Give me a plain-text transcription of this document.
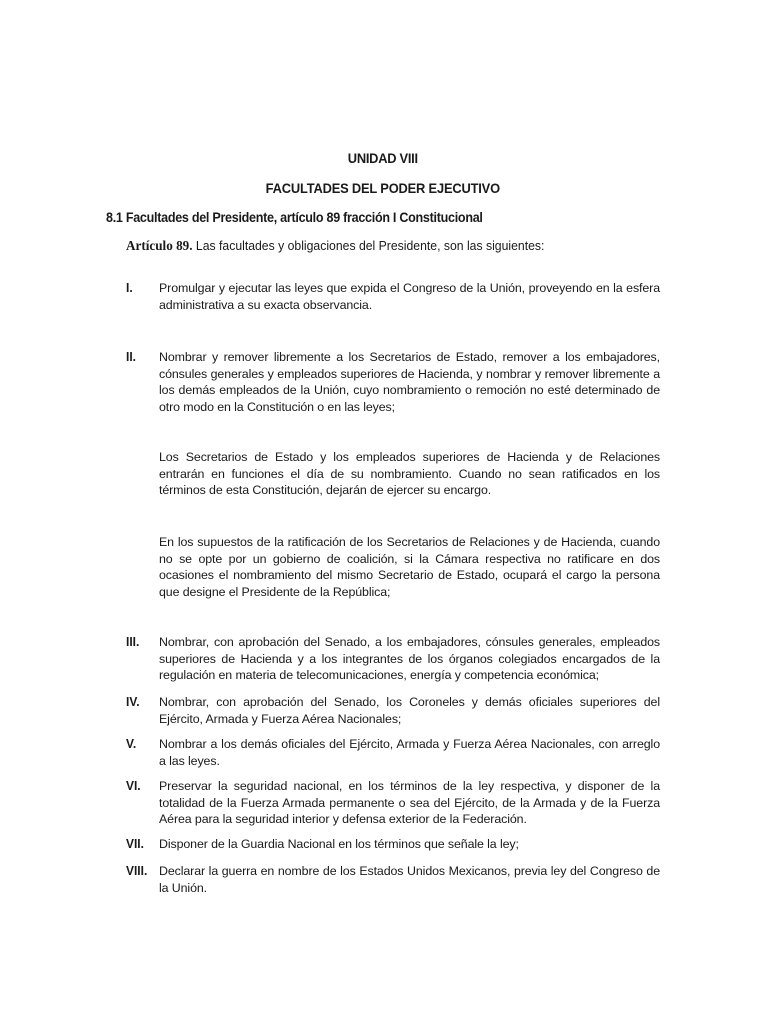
UNIDAD VIII
FACULTADES DEL PODER EJECUTIVO
8.1 Facultades del Presidente, artículo 89 fracción I Constitucional
Artículo 89. Las facultades y obligaciones del Presidente, son las siguientes:
I. Promulgar y ejecutar las leyes que expida el Congreso de la Unión, proveyendo en la esfera administrativa a su exacta observancia.
II. Nombrar y remover libremente a los Secretarios de Estado, remover a los embajadores, cónsules generales y empleados superiores de Hacienda, y nombrar y remover libremente a los demás empleados de la Unión, cuyo nombramiento o remoción no esté determinado de otro modo en la Constitución o en las leyes;
Los Secretarios de Estado y los empleados superiores de Hacienda y de Relaciones entrarán en funciones el día de su nombramiento. Cuando no sean ratificados en los términos de esta Constitución, dejarán de ejercer su encargo.
En los supuestos de la ratificación de los Secretarios de Relaciones y de Hacienda, cuando no se opte por un gobierno de coalición, si la Cámara respectiva no ratificare en dos ocasiones el nombramiento del mismo Secretario de Estado, ocupará el cargo la persona que designe el Presidente de la República;
III. Nombrar, con aprobación del Senado, a los embajadores, cónsules generales, empleados superiores de Hacienda y a los integrantes de los órganos colegiados encargados de la regulación en materia de telecomunicaciones, energía y competencia económica;
IV. Nombrar, con aprobación del Senado, los Coroneles y demás oficiales superiores del Ejército, Armada y Fuerza Aérea Nacionales;
V. Nombrar a los demás oficiales del Ejército, Armada y Fuerza Aérea Nacionales, con arreglo a las leyes.
VI. Preservar la seguridad nacional, en los términos de la ley respectiva, y disponer de la totalidad de la Fuerza Armada permanente o sea del Ejército, de la Armada y de la Fuerza Aérea para la seguridad interior y defensa exterior de la Federación.
VII. Disponer de la Guardia Nacional en los términos que señale la ley;
VIII. Declarar la guerra en nombre de los Estados Unidos Mexicanos, previa ley del Congreso de la Unión.
